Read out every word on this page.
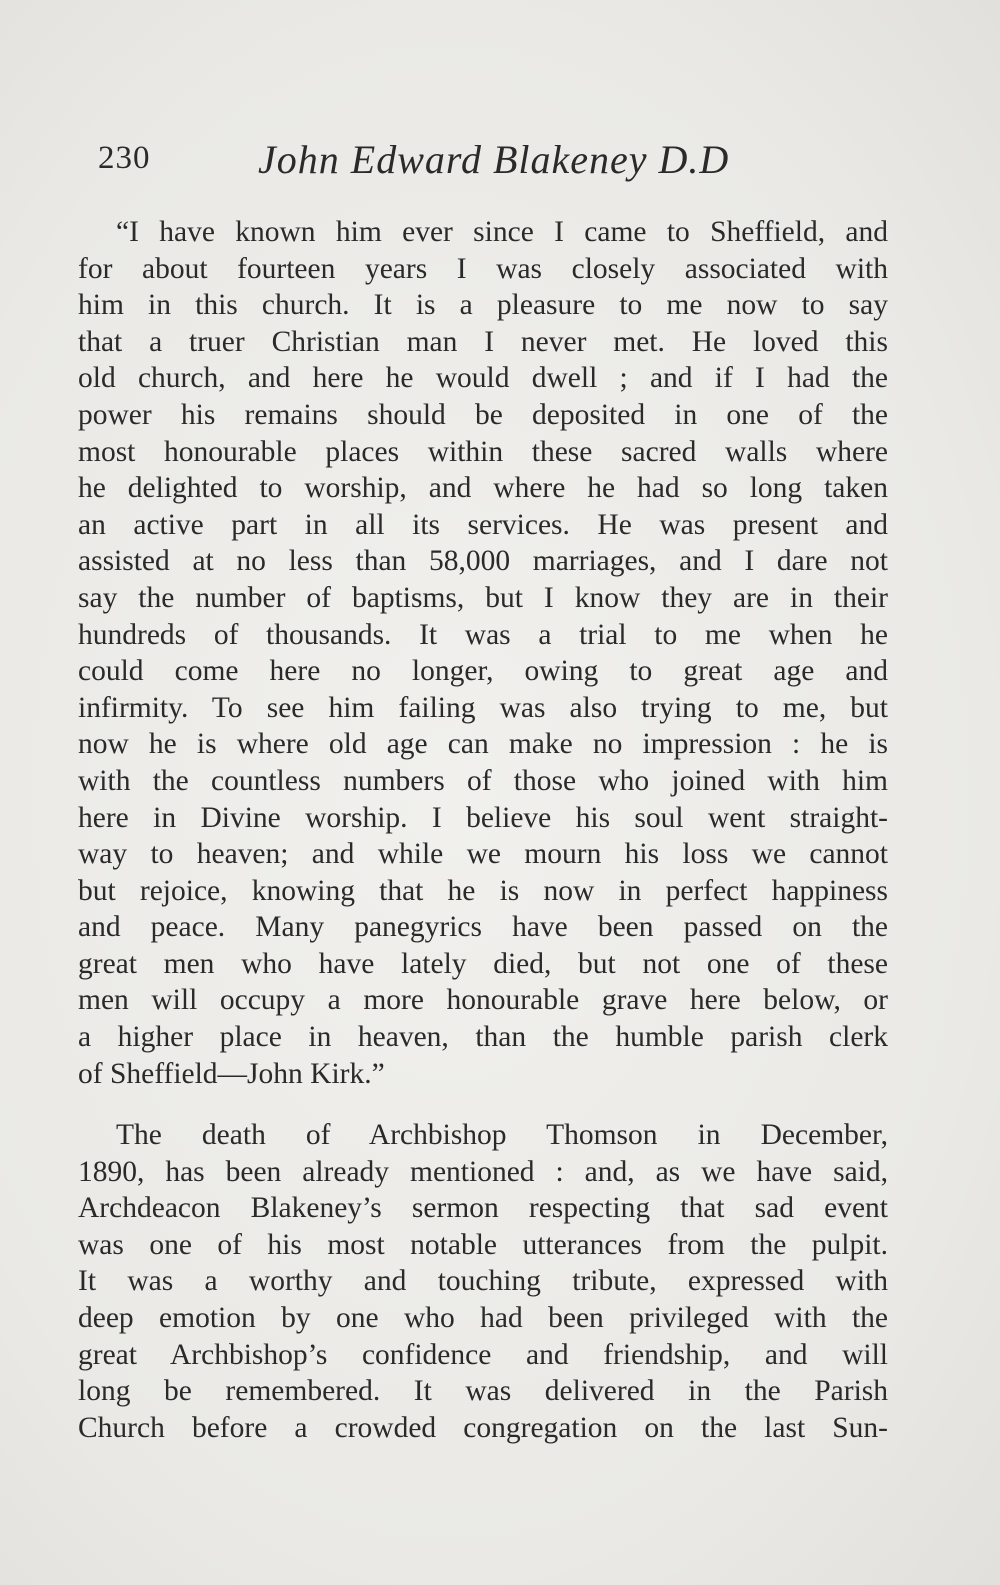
230	John Edward Blakeney D.D
“I have known him ever since I came to Sheffield, and
for about fourteen years I was closely associated with
him in this church. It is a pleasure to me now to say
that a truer Christian man I never met. He loved this
old church, and here he would dwell ; and if I had the
power his remains should be deposited in one of the
most honourable places within these sacred walls where
he delighted to worship, and where he had so long taken
an active part in all its services. He was present and
assisted at no less than 58,000 marriages, and I dare not
say the number of baptisms, but I know they are in their
hundreds of thousands. It was a trial to me when he
could come here no longer, owing to great age and
infirmity. To see him failing was also trying to me, but
now he is where old age can make no impression : he is
with the countless numbers of those who joined with him
here in Divine worship. I believe his soul went straight-
way to heaven; and while we mourn his loss we cannot
but rejoice, knowing that he is now in perfect happiness
and peace. Many panegyrics have been passed on the
great men who have lately died, but not one of these
men will occupy a more honourable grave here below, or
a higher place in heaven, than the humble parish clerk
of Sheffield—John Kirk.”
The death of Archbishop Thomson in December,
1890, has been already mentioned : and, as we have said,
Archdeacon Blakeney’s sermon respecting that sad event
was one of his most notable utterances from the pulpit.
It was a worthy and touching tribute, expressed with
deep emotion by one who had been privileged with the
great Archbishop’s confidence and friendship, and will
long be remembered. It was delivered in the Parish
Church before a crowded congregation on the last Sun-
